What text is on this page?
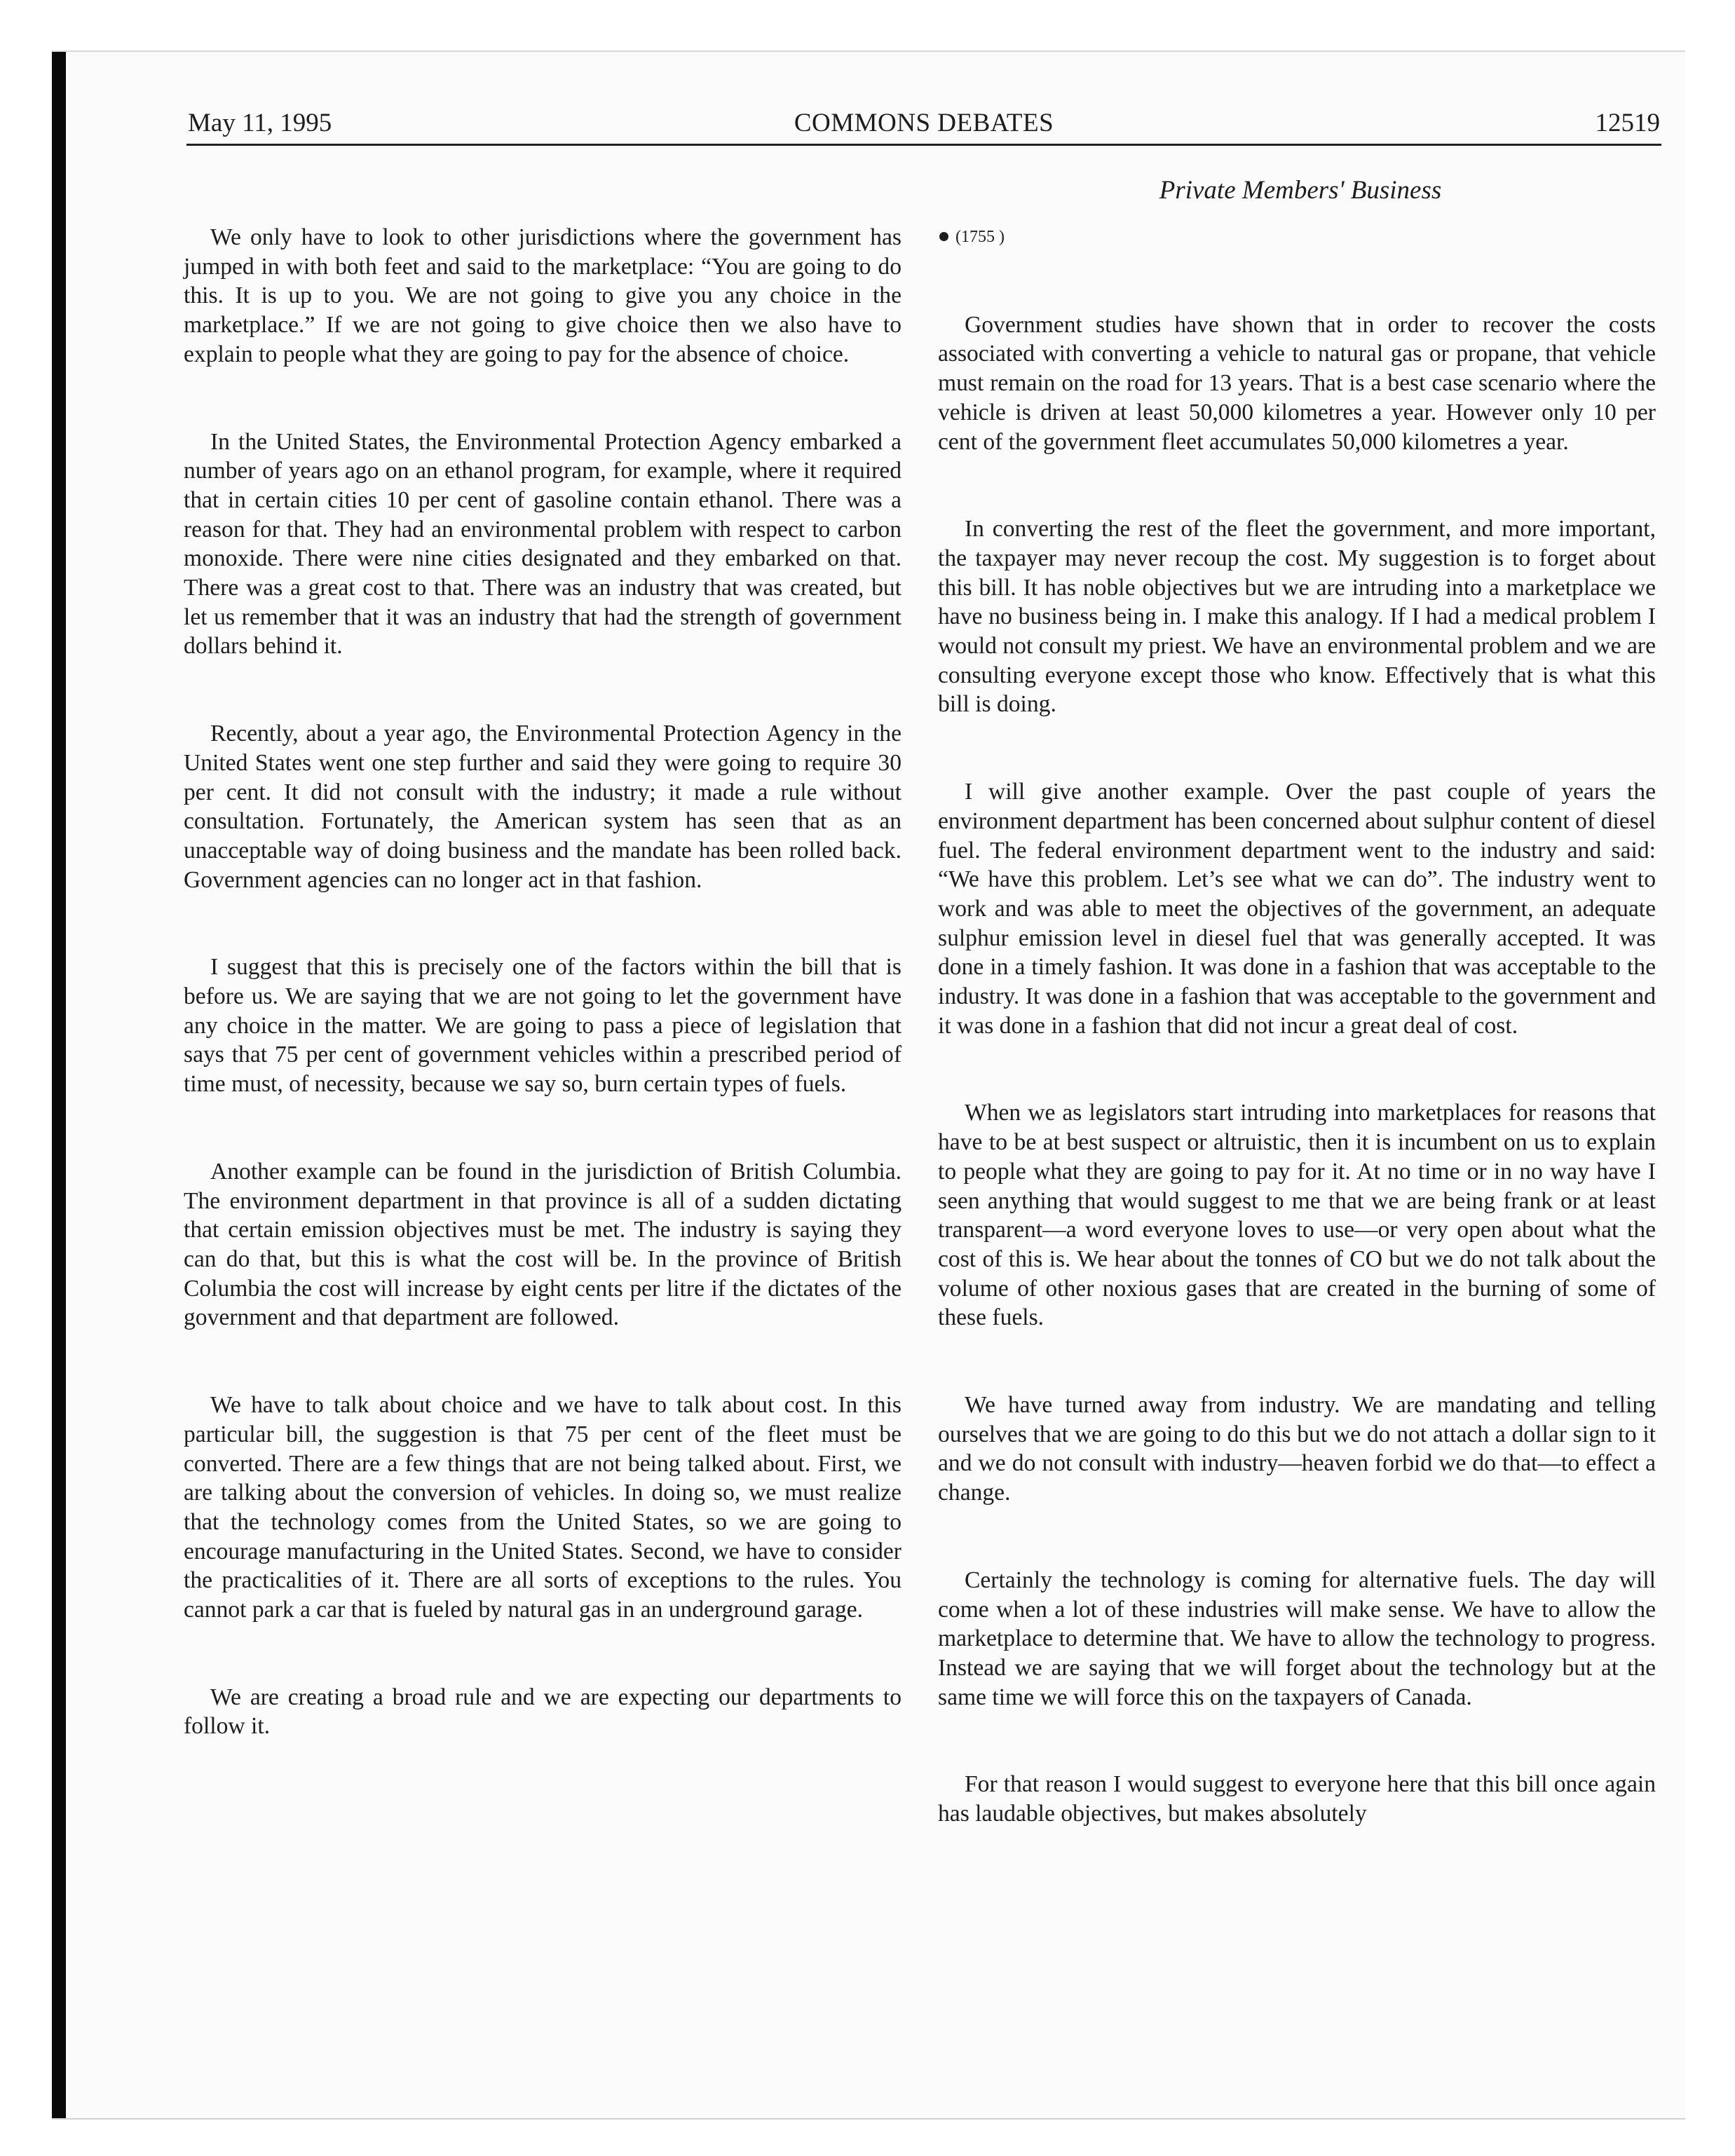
May 11, 1995	COMMONS DEBATES	12519
Private Members' Business

We only have to look to other jurisdictions where the government has jumped in with both feet and said to the marketplace: “You are going to do this. It is up to you. We are not going to give you any choice in the marketplace.” If we are not going to give choice then we also have to explain to people what they are going to pay for the absence of choice.

In the United States, the Environmental Protection Agency embarked a number of years ago on an ethanol program, for example, where it required that in certain cities 10 per cent of gasoline contain ethanol. There was a reason for that. They had an environmental problem with respect to carbon monoxide. There were nine cities designated and they embarked on that. There was a great cost to that. There was an industry that was created, but let us remember that it was an industry that had the strength of government dollars behind it.

Recently, about a year ago, the Environmental Protection Agency in the United States went one step further and said they were going to require 30 per cent. It did not consult with the industry; it made a rule without consultation. Fortunately, the American system has seen that as an unacceptable way of doing business and the mandate has been rolled back. Government agencies can no longer act in that fashion.

I suggest that this is precisely one of the factors within the bill that is before us. We are saying that we are not going to let the government have any choice in the matter. We are going to pass a piece of legislation that says that 75 per cent of government vehicles within a prescribed period of time must, of necessity, because we say so, burn certain types of fuels.

Another example can be found in the jurisdiction of British Columbia. The environment department in that province is all of a sudden dictating that certain emission objectives must be met. The industry is saying they can do that, but this is what the cost will be. In the province of British Columbia the cost will increase by eight cents per litre if the dictates of the government and that department are followed.

We have to talk about choice and we have to talk about cost. In this particular bill, the suggestion is that 75 per cent of the fleet must be converted. There are a few things that are not being talked about. First, we are talking about the conversion of vehicles. In doing so, we must realize that the technology comes from the United States, so we are going to encourage manufacturing in the United States. Second, we have to consider the practicalities of it. There are all sorts of exceptions to the rules. You cannot park a car that is fueled by natural gas in an underground garage.

We are creating a broad rule and we are expecting our departments to follow it.

(1755 )

Government studies have shown that in order to recover the costs associated with converting a vehicle to natural gas or propane, that vehicle must remain on the road for 13 years. That is a best case scenario where the vehicle is driven at least 50,000 kilometres a year. However only 10 per cent of the government fleet accumulates 50,000 kilometres a year.

In converting the rest of the fleet the government, and more important, the taxpayer may never recoup the cost. My suggestion is to forget about this bill. It has noble objectives but we are intruding into a marketplace we have no business being in. I make this analogy. If I had a medical problem I would not consult my priest. We have an environmental problem and we are consulting everyone except those who know. Effectively that is what this bill is doing.

I will give another example. Over the past couple of years the environment department has been concerned about sulphur content of diesel fuel. The federal environment department went to the industry and said: “We have this problem. Let’s see what we can do”. The industry went to work and was able to meet the objectives of the government, an adequate sulphur emission level in diesel fuel that was generally accepted. It was done in a timely fashion. It was done in a fashion that was acceptable to the industry. It was done in a fashion that was acceptable to the government and it was done in a fashion that did not incur a great deal of cost.

When we as legislators start intruding into marketplaces for reasons that have to be at best suspect or altruistic, then it is incumbent on us to explain to people what they are going to pay for it. At no time or in no way have I seen anything that would suggest to me that we are being frank or at least transparent—a word everyone loves to use—or very open about what the cost of this is. We hear about the tonnes of CO but we do not talk about the volume of other noxious gases that are created in the burning of some of these fuels.

We have turned away from industry. We are mandating and telling ourselves that we are going to do this but we do not attach a dollar sign to it and we do not consult with industry—heaven forbid we do that—to effect a change.

Certainly the technology is coming for alternative fuels. The day will come when a lot of these industries will make sense. We have to allow the marketplace to determine that. We have to allow the technology to progress. Instead we are saying that we will forget about the technology but at the same time we will force this on the taxpayers of Canada.

For that reason I would suggest to everyone here that this bill once again has laudable objectives, but makes absolutely
